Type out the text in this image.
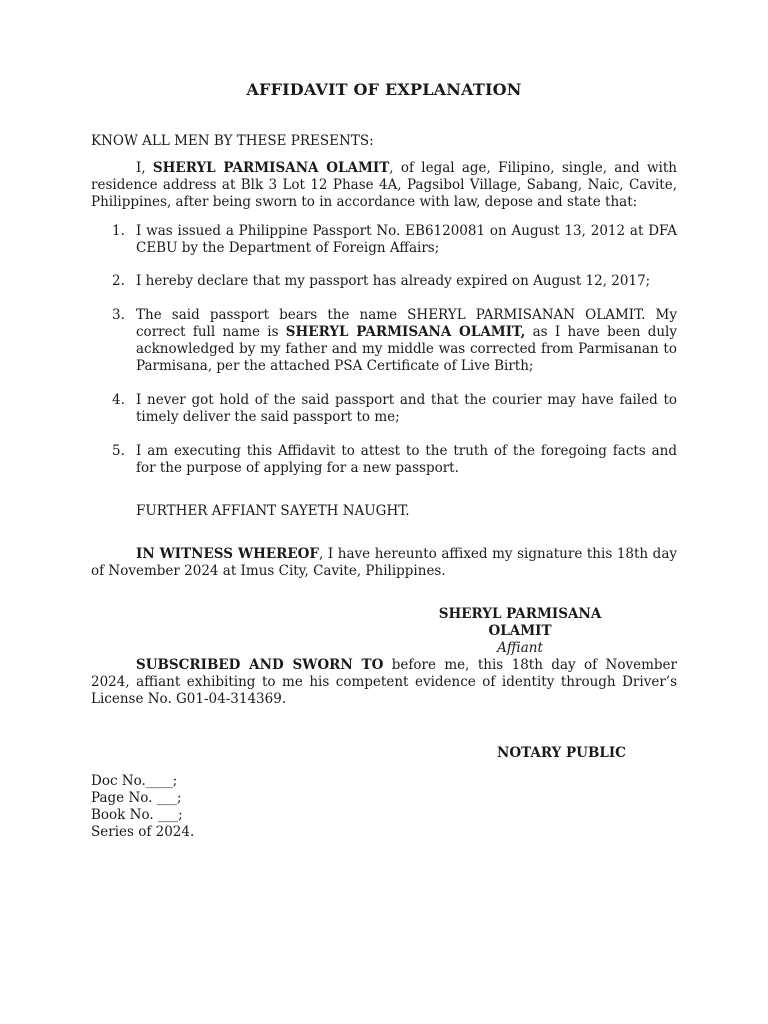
AFFIDAVIT OF EXPLANATION

KNOW ALL MEN BY THESE PRESENTS:

I, SHERYL PARMISANA OLAMIT, of legal age, Filipino, single, and with residence address at Blk 3 Lot 12 Phase 4A, Pagsibol Village, Sabang, Naic, Cavite, Philippines, after being sworn to in accordance with law, depose and state that:

1. I was issued a Philippine Passport No. EB6120081 on August 13, 2012 at DFA CEBU by the Department of Foreign Affairs;
2. I hereby declare that my passport has already expired on August 12, 2017;
3. The said passport bears the name SHERYL PARMISANAN OLAMIT. My correct full name is SHERYL PARMISANA OLAMIT, as I have been duly acknowledged by my father and my middle was corrected from Parmisanan to Parmisana, per the attached PSA Certificate of Live Birth;
4. I never got hold of the said passport and that the courier may have failed to timely deliver the said passport to me;
5. I am executing this Affidavit to attest to the truth of the foregoing facts and for the purpose of applying for a new passport.

FURTHER AFFIANT SAYETH NAUGHT.

IN WITNESS WHEREOF, I have hereunto affixed my signature this 18th day of November 2024 at Imus City, Cavite, Philippines.

SHERYL PARMISANA OLAMIT
Affiant

SUBSCRIBED AND SWORN TO before me, this 18th day of November 2024, affiant exhibiting to me his competent evidence of identity through Driver’s License No. G01-04-314369.

NOTARY PUBLIC
Doc No.____;
Page No. ___;
Book No. ___;
Series of 2024.
